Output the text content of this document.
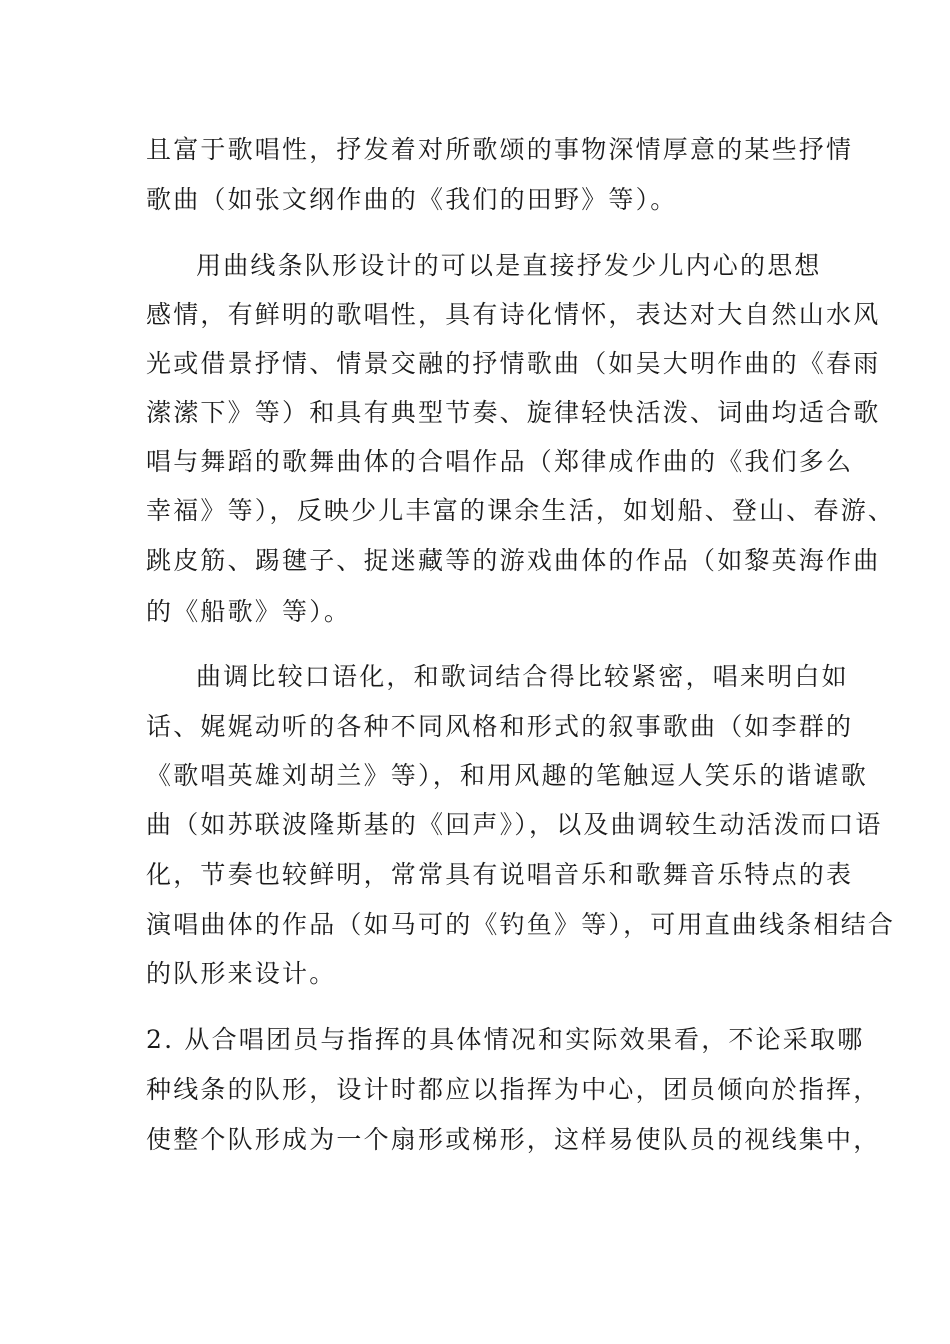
且富于歌唱性，抒发着对所歌颂的事物深情厚意的某些抒情
歌曲（如张文纲作曲的《我们的田野》等）。
用曲线条队形设计的可以是直接抒发少儿内心的思想
感情，有鲜明的歌唱性，具有诗化情怀，表达对大自然山水风
光或借景抒情、情景交融的抒情歌曲（如吴大明作曲的《春雨
潆潆下》等）和具有典型节奏、旋律轻快活泼、词曲均适合歌
唱与舞蹈的歌舞曲体的合唱作品（郑律成作曲的《我们多么
幸福》等），反映少儿丰富的课余生活，如划船、登山、春游、
跳皮筋、踢毽子、捉迷藏等的游戏曲体的作品（如黎英海作曲
的《船歌》等）。
曲调比较口语化，和歌词结合得比较紧密，唱来明白如
话、娓娓动听的各种不同风格和形式的叙事歌曲（如李群的
《歌唱英雄刘胡兰》等），和用风趣的笔触逗人笑乐的谐谑歌
曲（如苏联波隆斯基的《回声》），以及曲调较生动活泼而口语
化，节奏也较鲜明，常常具有说唱音乐和歌舞音乐特点的表
演唱曲体的作品（如马可的《钓鱼》等），可用直曲线条相结合
的队形来设计。
2. 从合唱团员与指挥的具体情况和实际效果看，不论采取哪
种线条的队形，设计时都应以指挥为中心，团员倾向於指挥，
使整个队形成为一个扇形或梯形，这样易使队员的视线集中，
